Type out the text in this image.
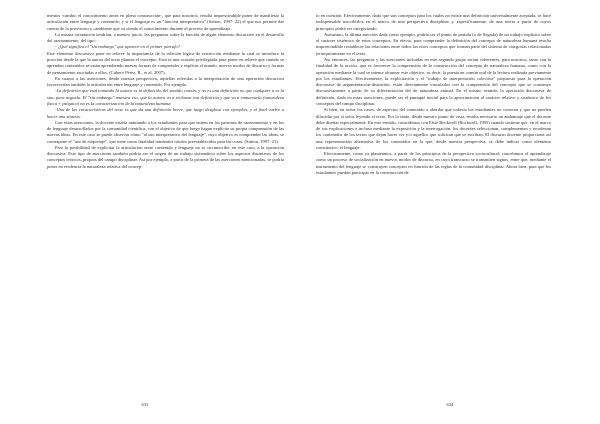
mentos -cambio el conocimiento antes en plena construcción-, que para nosotros, resulta imprescindible poner de manifiesto la articulación entre lenguaje y contenido; y si el lenguaje es un "función interpretativa" (Sutton, 1997: 22) el que nos permite dar cuenta de lo provisorio y cambiante que va siendo el conocimiento durante el proceso de aprendizaje.

La misma orientación tendrían, a nuestro juicio, las preguntas sobre la función de algún elemento discursivo en el desarrollo del razonamiento, del tipo:

- ¿Qué significa el "sin embargo" que aparece en el primer párrafo?

Este elemento discursivo pone en relieve la importancia de la relación lógica de restricción mediante la cual se introduce la posición desde la que la autora del texto plantea el concepto. Esta es una ocasión privilegiada para poner en relieve que cuando se aprenden contenidos se están aprendiendo nuevas formas de comprender y explicar el mundo, nuevos modos de discurso y formas de pensamiento asociadas a ellos. (Cubero Pérez, R., et al, 2007).

En cuanto a las aserciones, desde nuestra perspectiva, aquellas referidas a la interpretación de una operación discursiva favorecerían también la articulación entre lenguaje y contenido. Por ejemplo:

-La definición que está tomando la autora es la definición del sentido común, y no es una definición no que cualquier a es la sino para negarla. El "sin embargo" muestra eso, que la autora va a rechazar esa definición y que va a enmarcarla (naturaleza física + psíquica) no es la caracterización de la naturaleza humana.

-Una de las características del texto es que da una definición breve, que luego desglosa con ejemplos, y al final vuelve a hacer una síntesis.

Con estas aserciones, la docente estaría animando a los estudiantes para que entren en los patrones de razonamiento y en los de lenguaje desarrollados por la comunidad científica, con el objetivo de que luego hagan explícita su propia comprensión de las nuevas ideas. En este caso se puede observar cómo "al uso interpretativo del lenguaje", cuyo objetivo es comprender las ideas, se contrapone el "uso de etiquetaje", que tiene como finalidad transmitir rótulos preestablecidos para las cosas. (Sutton, 1997: 21).

Para la posibilidad de explicitar la articulación entre contenido y lenguaje no se circunscribe, en este caso, a la operación discursiva. Este tipo de aserciones también podría ser el origen de un trabajo sistemático sobre los aspectos distintivos de los conceptos teóricos, propios del campo disciplinar. Así por ejemplo, a partir de la primera de las aserciones mencionadas, se podría poner en evidencia la naturaleza relativa del concep-

633

to en cuestión. Efectivamente, dado que son conceptos para los cuales no existe una definición universalmente aceptada, se hace indispensable inscribirlos en el marco de una perspectiva disciplinar y, específicamente, de una teoría a partir de cuyos principios podrá ser categorizado.

Asimismo, la última aserción dada como ejemplo, podría ser el punto de partida (o de llegada) de un trabajo explícito sobre el carácter sistémico de estos conceptos. En efecto, para comprender la definición del concepto de naturaleza humana resulta imprescindible restablecer las relaciones entre todos los otros conceptos que forman parte del sistema de categorías relacionadas jerárquicamente en el texto.

Así entonces, las preguntas y las aserciones incluidas en este segundo grupo serían coherentes, para nosotros, tanto con la finalidad de la acción, que es favorecer la comprensión de la construcción del concepto de naturaleza humana, como con la operación mediante la cual se intenta alcanzar este objetivo, es decir, la puesta en común oral de la lectura realizada previamente por los estudiantes. Efectivamente, la explicitación y el "trabajo de interpretación colectiva" propuesto para la operación discursiva de argumentación-distinción, están directamente vinculados con la comprensión del concepto que se construye discursivamente a partir de su diferenciación del de naturaleza animal. En el mismo sentido, la operación discursiva de definición, dada en estas aserciones, puede ser el puntapié inicial para la aproximación al carácter relativo y sistémico de los conceptos del campo disciplinar.

Si bien, en todos los casos, de aspectos del contenido a abordar que todavía los estudiantes no conocen y que no pueden dilucidar por sí solos leyendo el texto. Por lo tanto, desde nuestro punto de vista, resulta necesario un andamiaje que el docente debe diseñar especialmente. En este sentido, coincidimos con Elsie Rockwell (Rockwell, 1995) cuando sostiene que, en el marco de sus explicaciones e incluso mediante la exposición y la interrogación, los docentes seleccionan, complementan y reordenan los contenidos de los textos que dejan hacer ver y/o aquellos que solicitan que se escriban. El discurso docente proporciona así una representación alternativa de los contenidos en la que, desde nuestra perspectiva, se debe indicar como elemento constitutivo, el lenguaje.

Efectivamente, como ya planteamos, a partir de los principios de la perspectiva sociocultural, concebimos el aprendizaje como un proceso de socialización en nuevos modos de discurso, en cuyo transcurso se transmiten signos, entre que, mediante el instrumento del lenguaje se construyen conceptos en función de las reglas de la comunidad disciplinar. Ahora bien, para que los estudiantes puedan participar en la construcción de

634
